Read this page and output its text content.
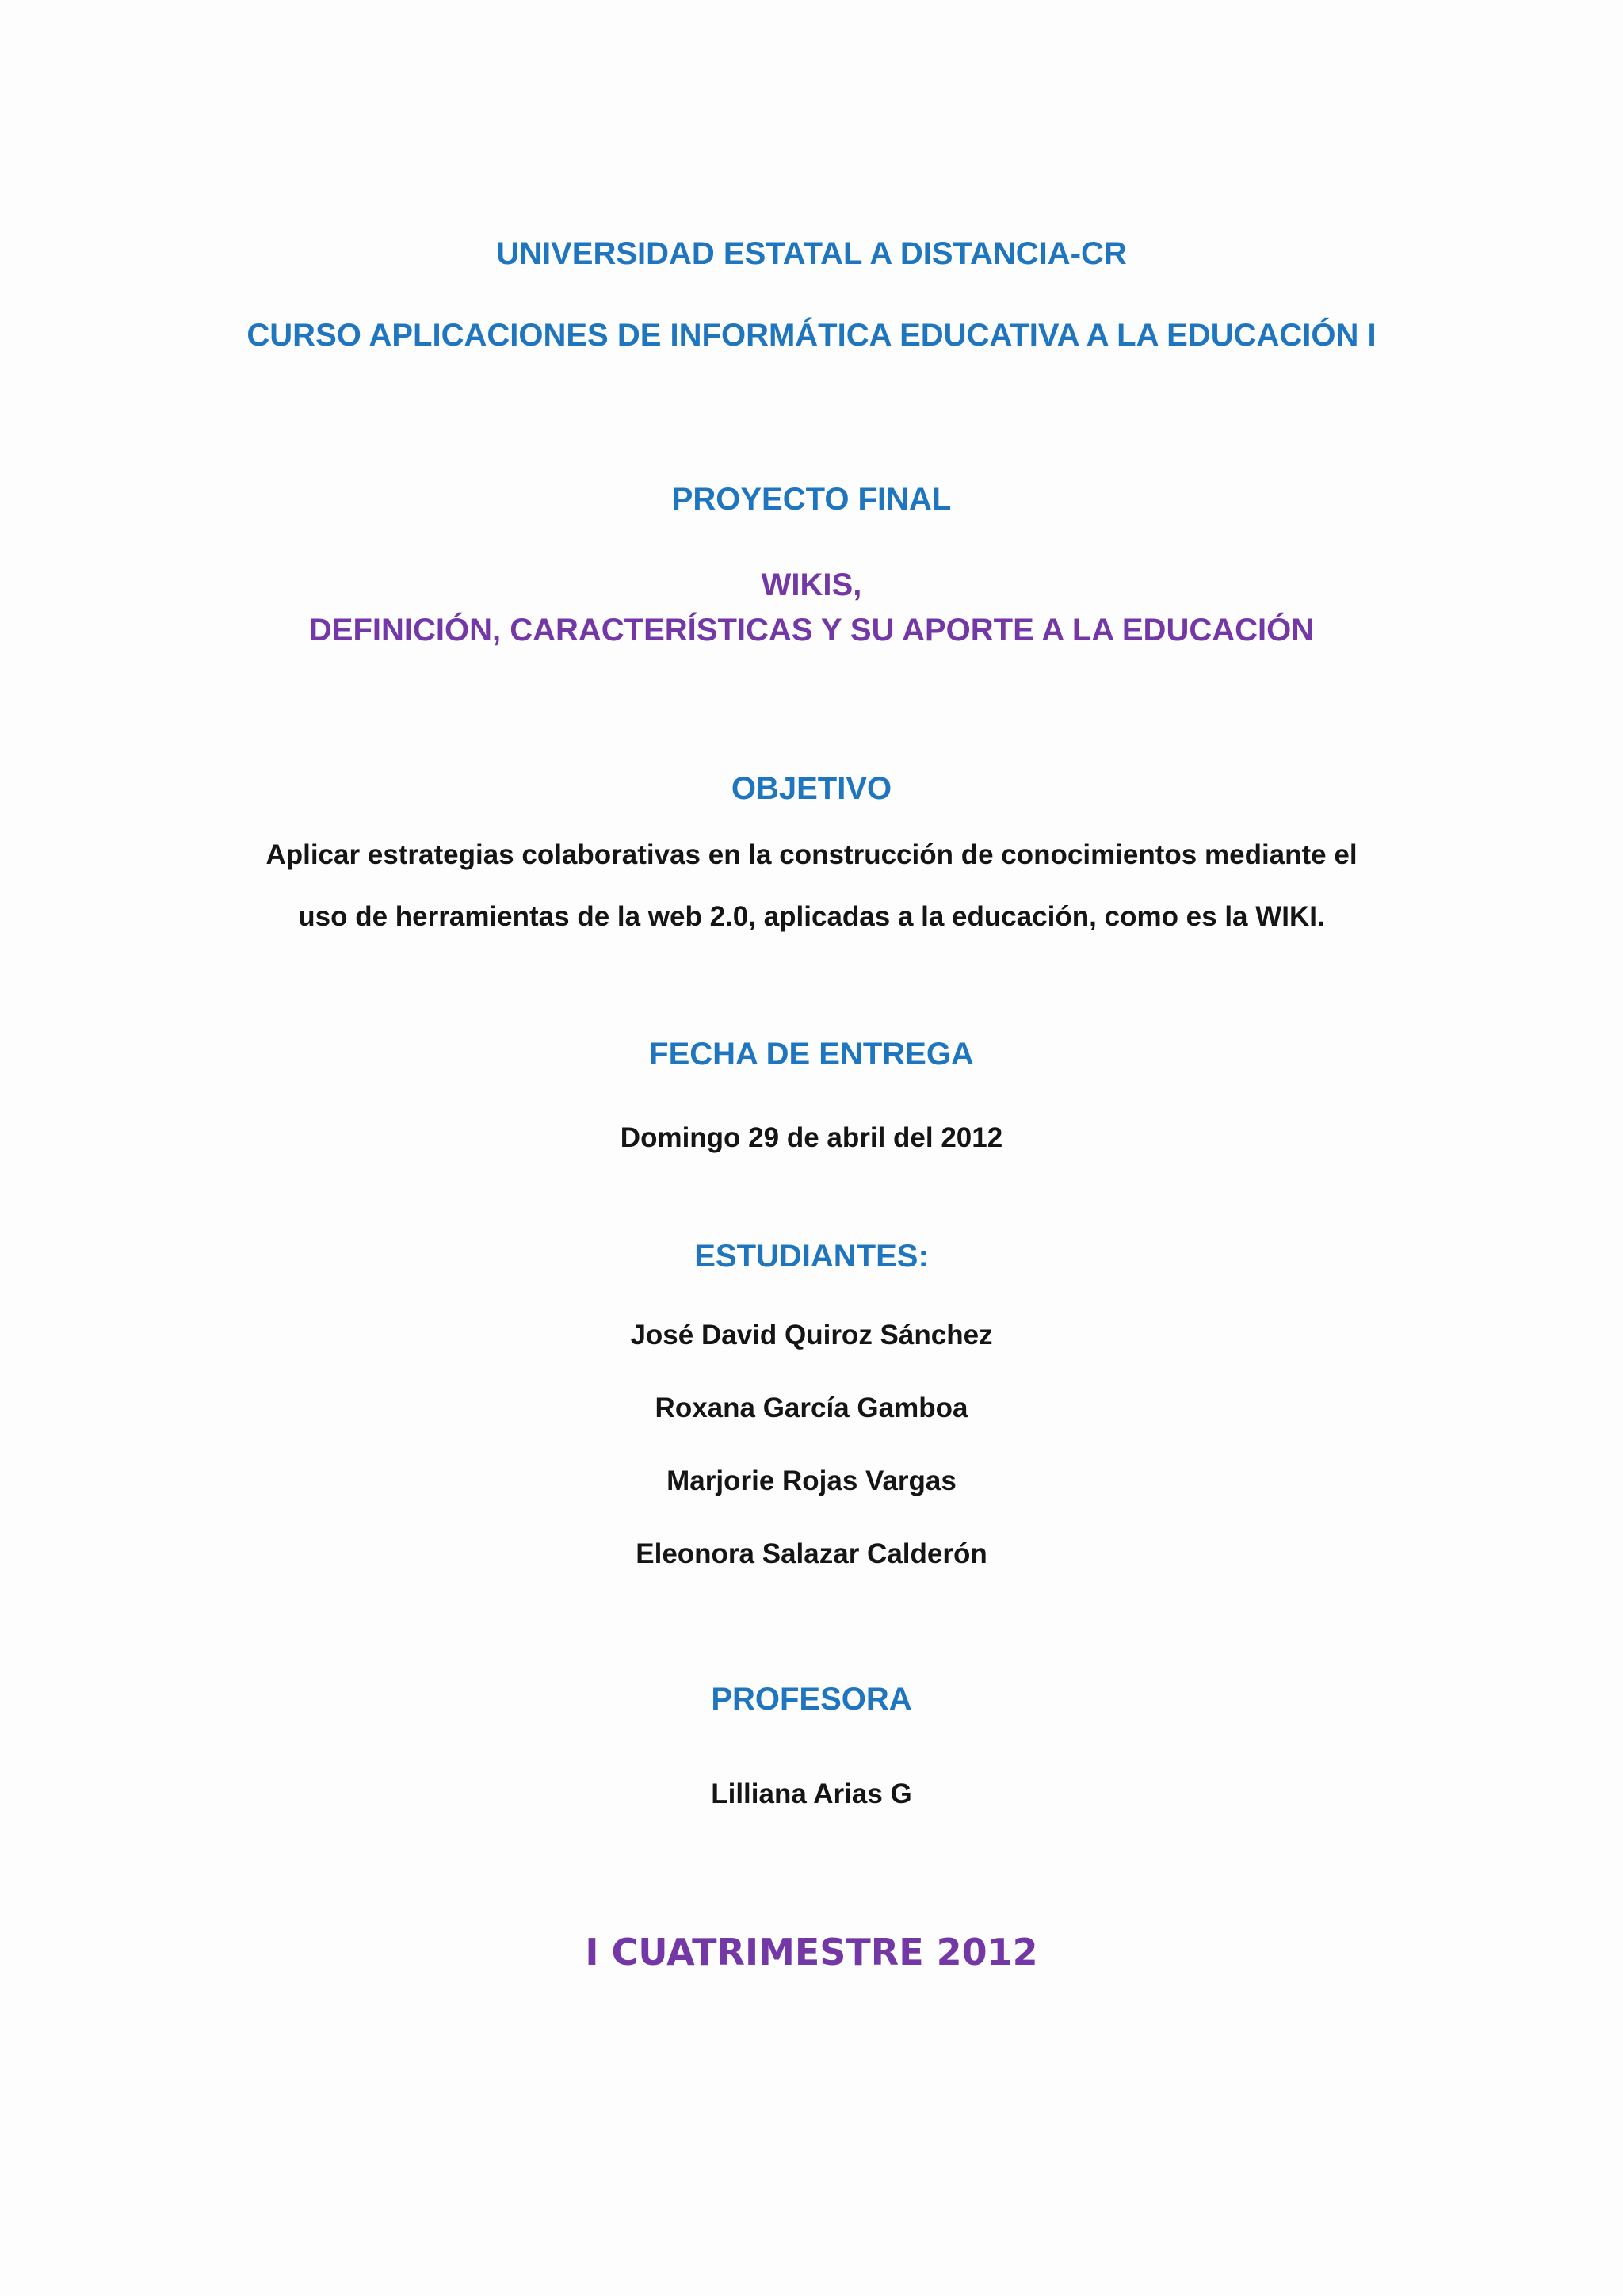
UNIVERSIDAD ESTATAL A DISTANCIA-CR
CURSO APLICACIONES DE INFORMÁTICA EDUCATIVA A LA EDUCACIÓN I
PROYECTO FINAL
WIKIS,
DEFINICIÓN, CARACTERÍSTICAS Y SU APORTE A LA EDUCACIÓN
OBJETIVO
Aplicar estrategias colaborativas en la construcción de conocimientos mediante el
uso de herramientas de la web 2.0, aplicadas a la educación, como es la WIKI.
FECHA DE ENTREGA
Domingo 29 de abril del 2012
ESTUDIANTES:
José David Quiroz Sánchez
Roxana García Gamboa
Marjorie Rojas Vargas
Eleonora Salazar Calderón
PROFESORA
Lilliana Arias G
I CUATRIMESTRE 2012
